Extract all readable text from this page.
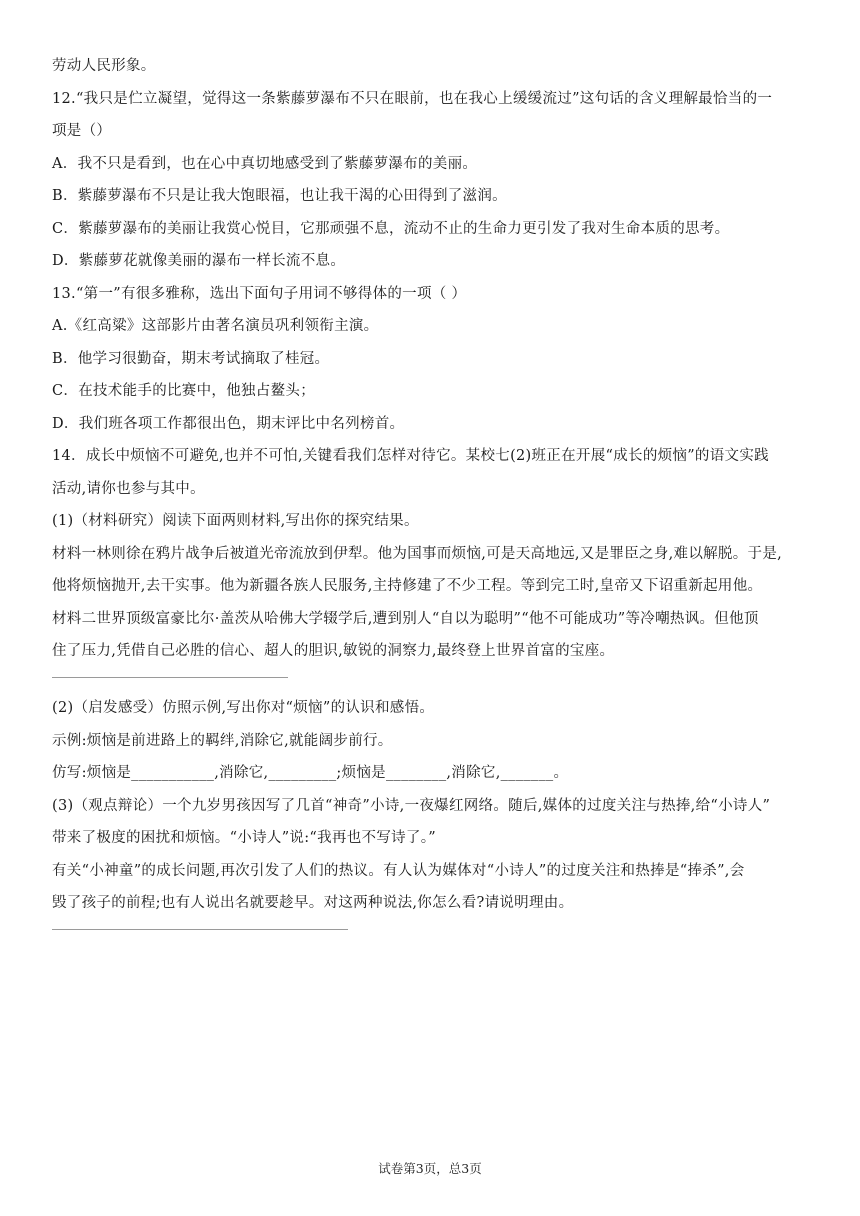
劳动人民形象。

12.“我只是伫立凝望，觉得这一条紫藤萝瀑布不只在眼前，也在我心上缓缓流过”这句话的含义理解最恰当的一

项是（）

A．我不只是看到，也在心中真切地感受到了紫藤萝瀑布的美丽。

B．紫藤萝瀑布不只是让我大饱眼福，也让我干渴的心田得到了滋润。

C．紫藤萝瀑布的美丽让我赏心悦目，它那顽强不息，流动不止的生命力更引发了我对生命本质的思考。

D．紫藤萝花就像美丽的瀑布一样长流不息。

13.“第一”有很多雅称，选出下面句子用词不够得体的一项（ ）

A.《红高粱》这部影片由著名演员巩利领衔主演。

B．他学习很勤奋，期末考试摘取了桂冠。

C．在技术能手的比赛中，他独占鳌头；

D．我们班各项工作都很出色，期末评比中名列榜首。

14．成长中烦恼不可避免,也并不可怕,关键看我们怎样对待它。某校七(2)班正在开展“成长的烦恼”的语文实践

活动,请你也参与其中。

(1)（材料研究）阅读下面两则材料,写出你的探究结果。

材料一林则徐在鸦片战争后被道光帝流放到伊犁。他为国事而烦恼,可是天高地远,又是罪臣之身,难以解脱。于是,

他将烦恼抛开,去干实事。他为新疆各族人民服务,主持修建了不少工程。等到完工时,皇帝又下诏重新起用他。

材料二世界顶级富豪比尔·盖茨从哈佛大学辍学后,遭到别人“自以为聪明”“他不可能成功”等冷嘲热讽。但他顶

住了压力,凭借自己必胜的信心、超人的胆识,敏锐的洞察力,最终登上世界首富的宝座。

(2)（启发感受）仿照示例,写出你对“烦恼”的认识和感悟。

示例:烦恼是前进路上的羁绊,消除它,就能阔步前行。

仿写:烦恼是___________,消除它,_________;烦恼是________,消除它,_______。

(3)（观点辩论）一个九岁男孩因写了几首“神奇”小诗,一夜爆红网络。随后,媒体的过度关注与热捧,给“小诗人”

带来了极度的困扰和烦恼。“小诗人”说:“我再也不写诗了。”

有关“小神童”的成长问题,再次引发了人们的热议。有人认为媒体对“小诗人”的过度关注和热捧是“捧杀”,会

毁了孩子的前程;也有人说出名就要趁早。对这两种说法,你怎么看?请说明理由。

试卷第3页，总3页
